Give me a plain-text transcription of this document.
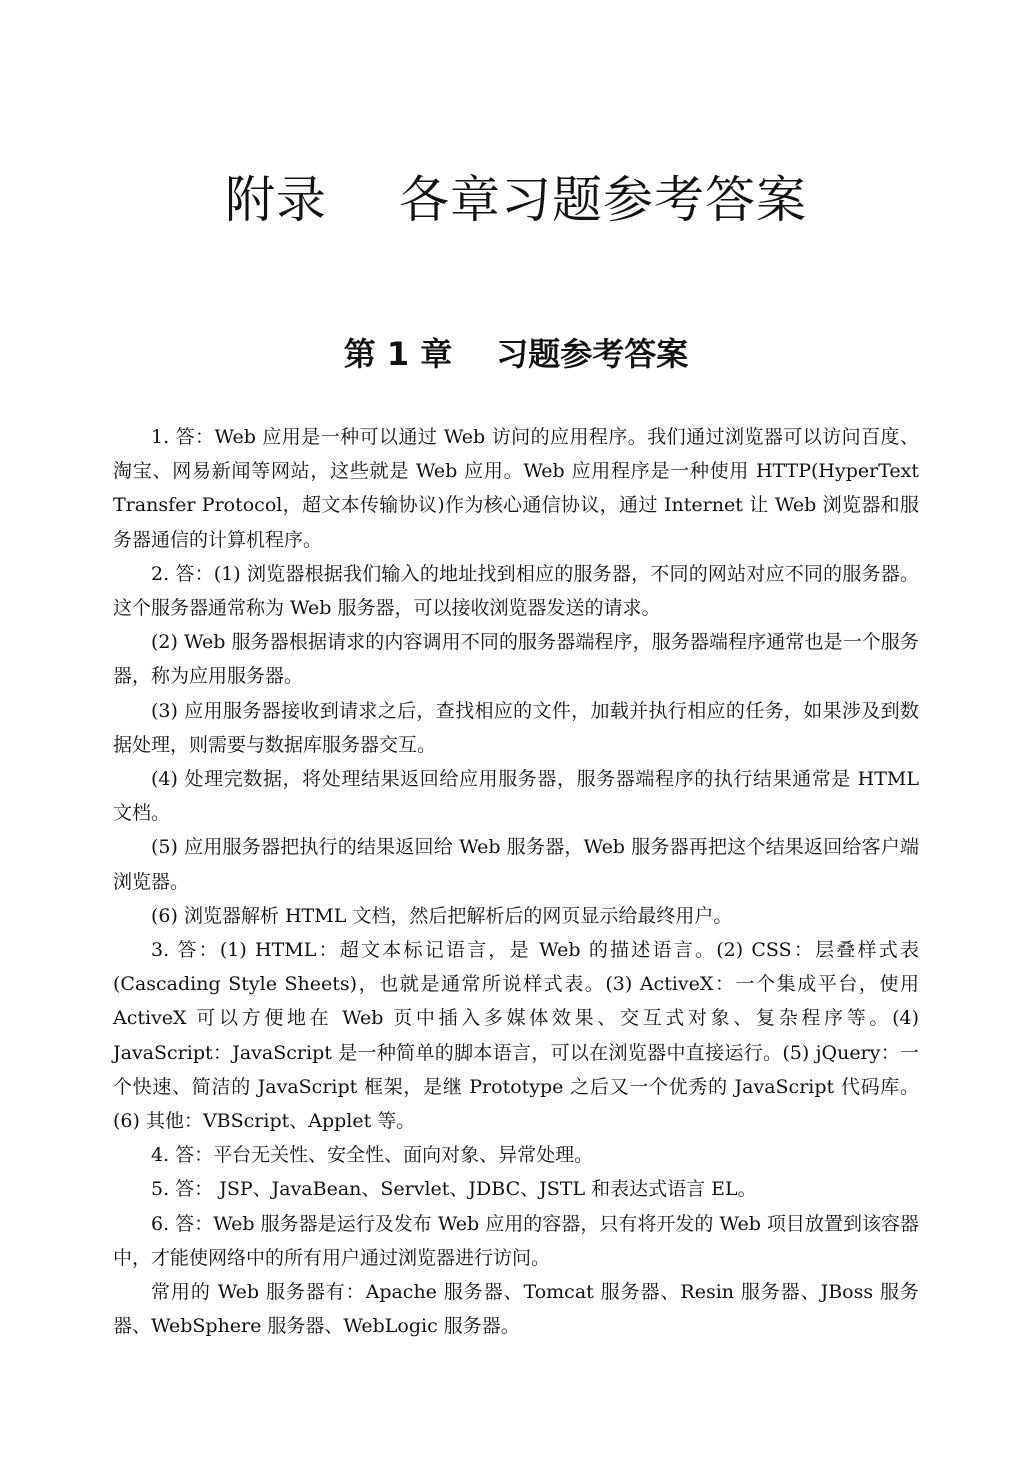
附录 各章习题参考答案
第 1 章 习题参考答案

1. 答：Web 应用是一种可以通过 Web 访问的应用程序。我们通过浏览器可以访问百度、淘宝、网易新闻等网站，这些就是 Web 应用。Web 应用程序是一种使用 HTTP(HyperText Transfer Protocol，超文本传输协议)作为核心通信协议，通过 Internet 让 Web 浏览器和服务器通信的计算机程序。

2. 答：(1) 浏览器根据我们输入的地址找到相应的服务器，不同的网站对应不同的服务器。这个服务器通常称为 Web 服务器，可以接收浏览器发送的请求。

(2) Web 服务器根据请求的内容调用不同的服务器端程序，服务器端程序通常也是一个服务器，称为应用服务器。

(3) 应用服务器接收到请求之后，查找相应的文件，加载并执行相应的任务，如果涉及到数据处理，则需要与数据库服务器交互。

(4) 处理完数据，将处理结果返回给应用服务器，服务器端程序的执行结果通常是 HTML 文档。

(5) 应用服务器把执行的结果返回给 Web 服务器，Web 服务器再把这个结果返回给客户端浏览器。

(6) 浏览器解析 HTML 文档，然后把解析后的网页显示给最终用户。

3. 答：(1) HTML：超文本标记语言，是 Web 的描述语言。(2) CSS：层叠样式表(Cascading Style Sheets)，也就是通常所说样式表。(3) ActiveX：一个集成平台，使用 ActiveX 可以方便地在 Web 页中插入多媒体效果、交互式对象、复杂程序等。(4) JavaScript：JavaScript 是一种简单的脚本语言，可以在浏览器中直接运行。(5) jQuery：一个快速、简洁的 JavaScript 框架，是继 Prototype 之后又一个优秀的 JavaScript 代码库。(6) 其他：VBScript、Applet 等。

4. 答：平台无关性、安全性、面向对象、异常处理。

5. 答： JSP、JavaBean、Servlet、JDBC、JSTL 和表达式语言 EL。

6. 答：Web 服务器是运行及发布 Web 应用的容器，只有将开发的 Web 项目放置到该容器中，才能使网络中的所有用户通过浏览器进行访问。

常用的 Web 服务器有：Apache 服务器、Tomcat 服务器、Resin 服务器、JBoss 服务器、WebSphere 服务器、WebLogic 服务器。
